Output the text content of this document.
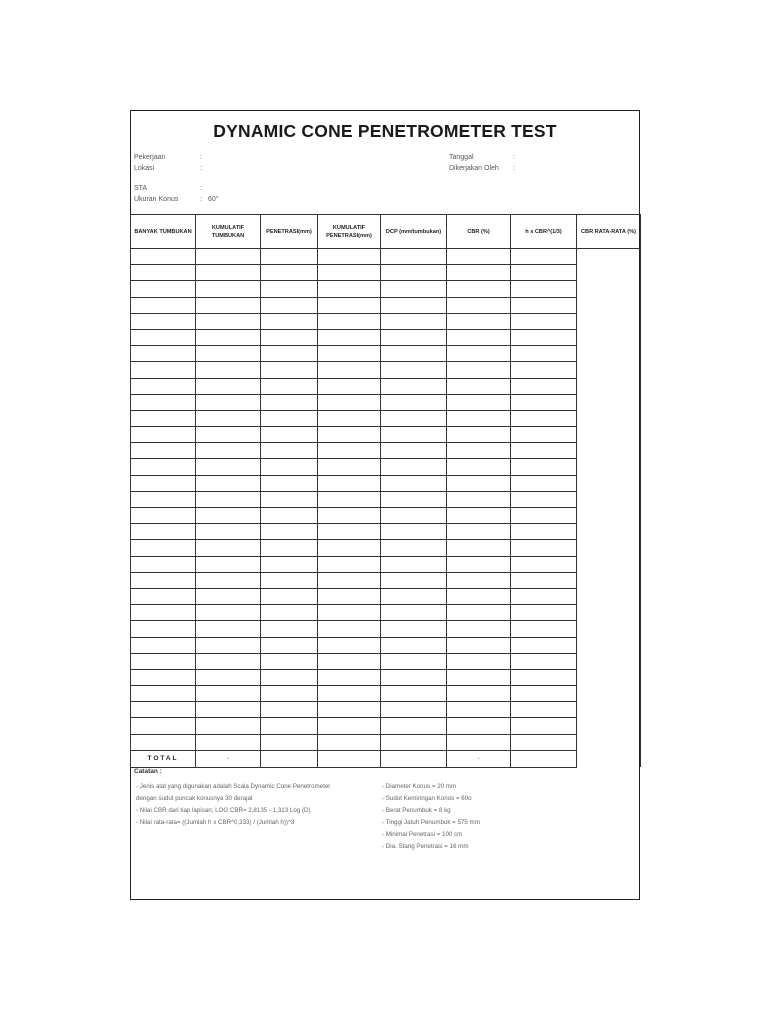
DYNAMIC CONE PENETROMETER TEST
Pekerjaan	:
Lokasi	:
STA	:
Ukuran Konus	: 60°
Tanggal	:
Dikerjakan Oleh :
BANYAK TUMBUKAN	KUMULATIF TUMBUKAN	PENETRASI(mm)	KUMULATIF PENETRASI(mm)	DCP (mm/tumbukan)	CBR (%)	h x CBR^(1/3)	CBR RATA-RATA (%)

TOTAL	-				-		
Catatan :
- Jenis alat yang digunakan adalah Scala Dynamic Cone Penetrometer
dengan sudut puncak konusnya 30 derajat
- Nilai CBR dari tiap lapisan; LOG CBR= 2,8135 - 1,313 Log (D)
- Nilai rata-rata= ((Jumlah h x CBR^0,333) / (Jumlah h))^3
- Diameter Konus = 20 mm
- Sudut Kemiringan Konus = 60o
- Berat Penumbuk = 8 kg
- Tinggi Jatuh Penumbuk = 575 mm
- Minimal Penetrasi = 100 cm
- Dia. Stang Penetrasi = 16 mm
